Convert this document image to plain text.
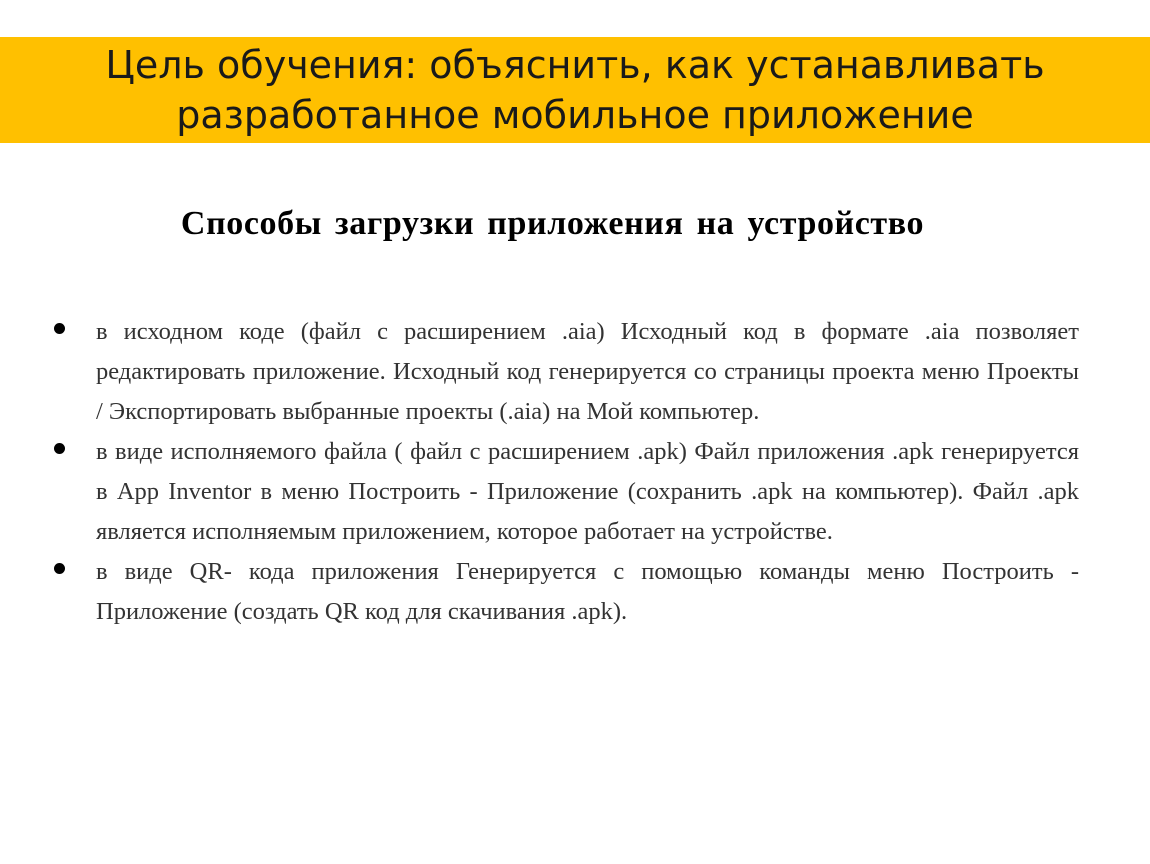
Цель обучения: объяснить, как устанавливать
разработанное мобильное приложение
Способы загрузки приложения на устройство

в исходном коде (файл с расширением .aia) Исходный код в формате .aia позволяет редактировать приложение. Исходный код генерируется со страницы проекта меню Проекты / Экспортировать выбранные проекты (.aia) на Мой компьютер.

в виде исполняемого файла ( файл с расширением .apk) Файл приложения .apk генерируется в App Inventor в меню Построить - Приложение (сохранить .apk на компьютер). Файл .apk является исполняемым приложением, которое работает на устройстве.

в виде QR- кода приложения Генерируется с помощью команды меню Построить - Приложение (создать QR код для скачивания .apk).
